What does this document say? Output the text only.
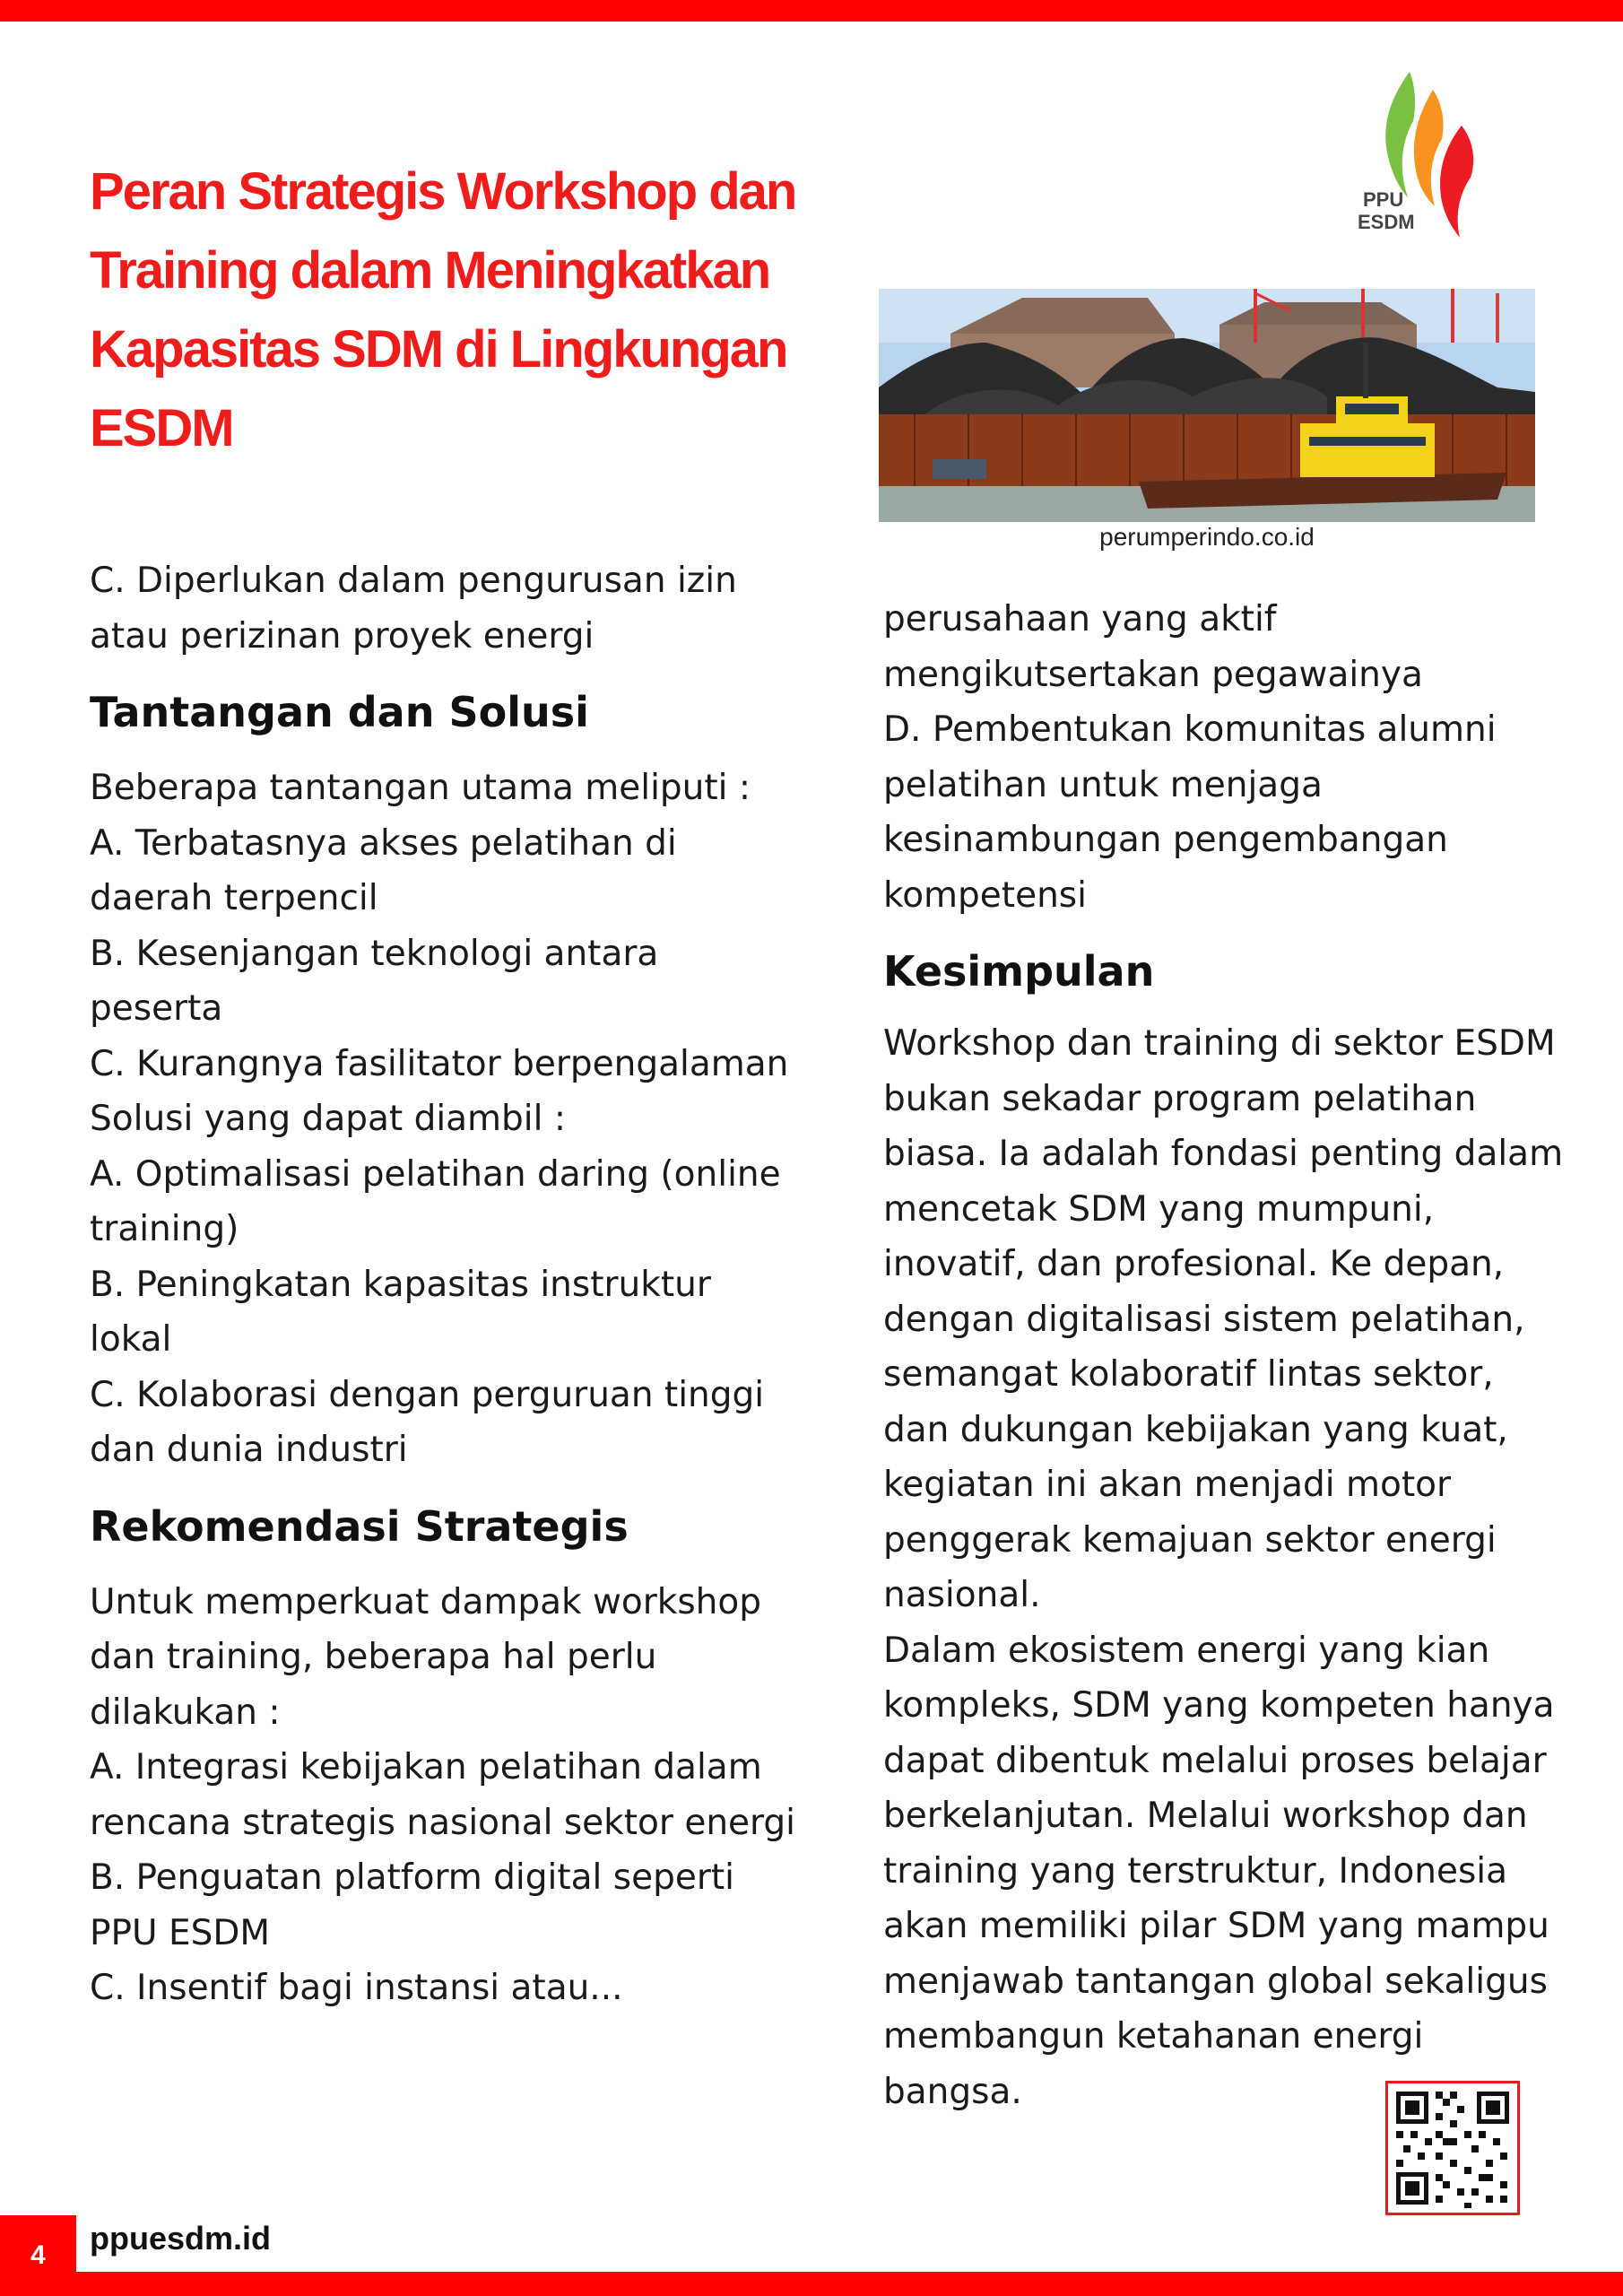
Peran Strategis Workshop dan Training dalam Meningkatkan Kapasitas SDM di Lingkungan ESDM
PPU
ESDM
perumperindo.co.id

C. Diperlukan dalam pengurusan izin atau perizinan proyek energi

Tantangan dan Solusi

Beberapa tantangan utama meliputi :

A. Terbatasnya akses pelatihan di daerah terpencil

B. Kesenjangan teknologi antara peserta

C. Kurangnya fasilitator berpengalaman

Solusi yang dapat diambil :

A. Optimalisasi pelatihan daring (online training)

B. Peningkatan kapasitas instruktur lokal

C. Kolaborasi dengan perguruan tinggi dan dunia industri

Rekomendasi Strategis

Untuk memperkuat dampak workshop dan training, beberapa hal perlu dilakukan :

A. Integrasi kebijakan pelatihan dalam rencana strategis nasional sektor energi

B. Penguatan platform digital seperti PPU ESDM

C. Insentif bagi instansi atau...

perusahaan yang aktif mengikutsertakan pegawainya

D. Pembentukan komunitas alumni pelatihan untuk menjaga kesinambungan pengembangan kompetensi

Kesimpulan

Workshop dan training di sektor ESDM bukan sekadar program pelatihan biasa. Ia adalah fondasi penting dalam mencetak SDM yang mumpuni, inovatif, dan profesional. Ke depan, dengan digitalisasi sistem pelatihan, semangat kolaboratif lintas sektor, dan dukungan kebijakan yang kuat, kegiatan ini akan menjadi motor penggerak kemajuan sektor energi nasional.

Dalam ekosistem energi yang kian kompleks, SDM yang kompeten hanya dapat dibentuk melalui proses belajar berkelanjutan. Melalui workshop dan training yang terstruktur, Indonesia akan memiliki pilar SDM yang mampu menjawab tantangan global sekaligus membangun ketahanan energi bangsa.

4	ppuesdm.id
